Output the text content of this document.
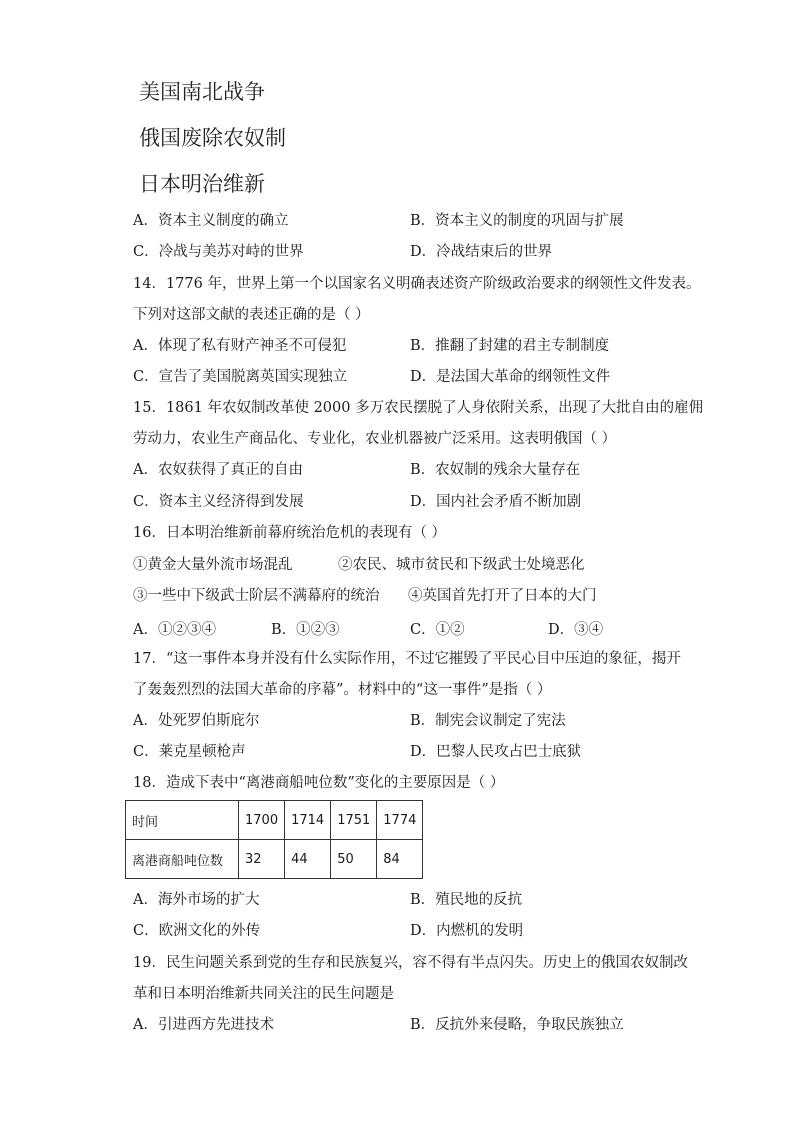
美国南北战争
俄国废除农奴制
日本明治维新
A．资本主义制度的确立	B．资本主义的制度的巩固与扩展
C．冷战与美苏对峙的世界	D．冷战结束后的世界
14．1776 年，世界上第一个以国家名义明确表述资产阶级政治要求的纲领性文件发表。
下列对这部文献的表述正确的是（ ）
A．体现了私有财产神圣不可侵犯	B．推翻了封建的君主专制制度
C．宣告了美国脱离英国实现独立	D．是法国大革命的纲领性文件
15．1861 年农奴制改革使 2000 多万农民摆脱了人身依附关系，出现了大批自由的雇佣
劳动力，农业生产商品化、专业化，农业机器被广泛采用。这表明俄国（ ）
A．农奴获得了真正的自由	B．农奴制的残余大量存在
C．资本主义经济得到发展	D．国内社会矛盾不断加剧
16．日本明治维新前幕府统治危机的表现有（ ）
①黄金大量外流市场混乱	②农民、城市贫民和下级武士处境恶化
③一些中下级武士阶层不满幕府的统治 ④英国首先打开了日本的大门
A．①②③④	B．①②③	C．①②	D．③④
17．“这一事件本身并没有什么实际作用，不过它摧毁了平民心目中压迫的象征，揭开
了轰轰烈烈的法国大革命的序幕”。材料中的“这一事件”是指（ ）
A．处死罗伯斯庇尔	B．制宪会议制定了宪法
C．莱克星顿枪声	D．巴黎人民攻占巴士底狱
18．造成下表中“离港商船吨位数”变化的主要原因是（ ）
时间	1700	1714	1751	1774
离港商船吨位数	32	44	50	84
A．海外市场的扩大	B．殖民地的反抗
C．欧洲文化的外传	D．内燃机的发明
19．民生问题关系到党的生存和民族复兴，容不得有半点闪失。历史上的俄国农奴制改
革和日本明治维新共同关注的民生问题是
A．引进西方先进技术	B．反抗外来侵略，争取民族独立
